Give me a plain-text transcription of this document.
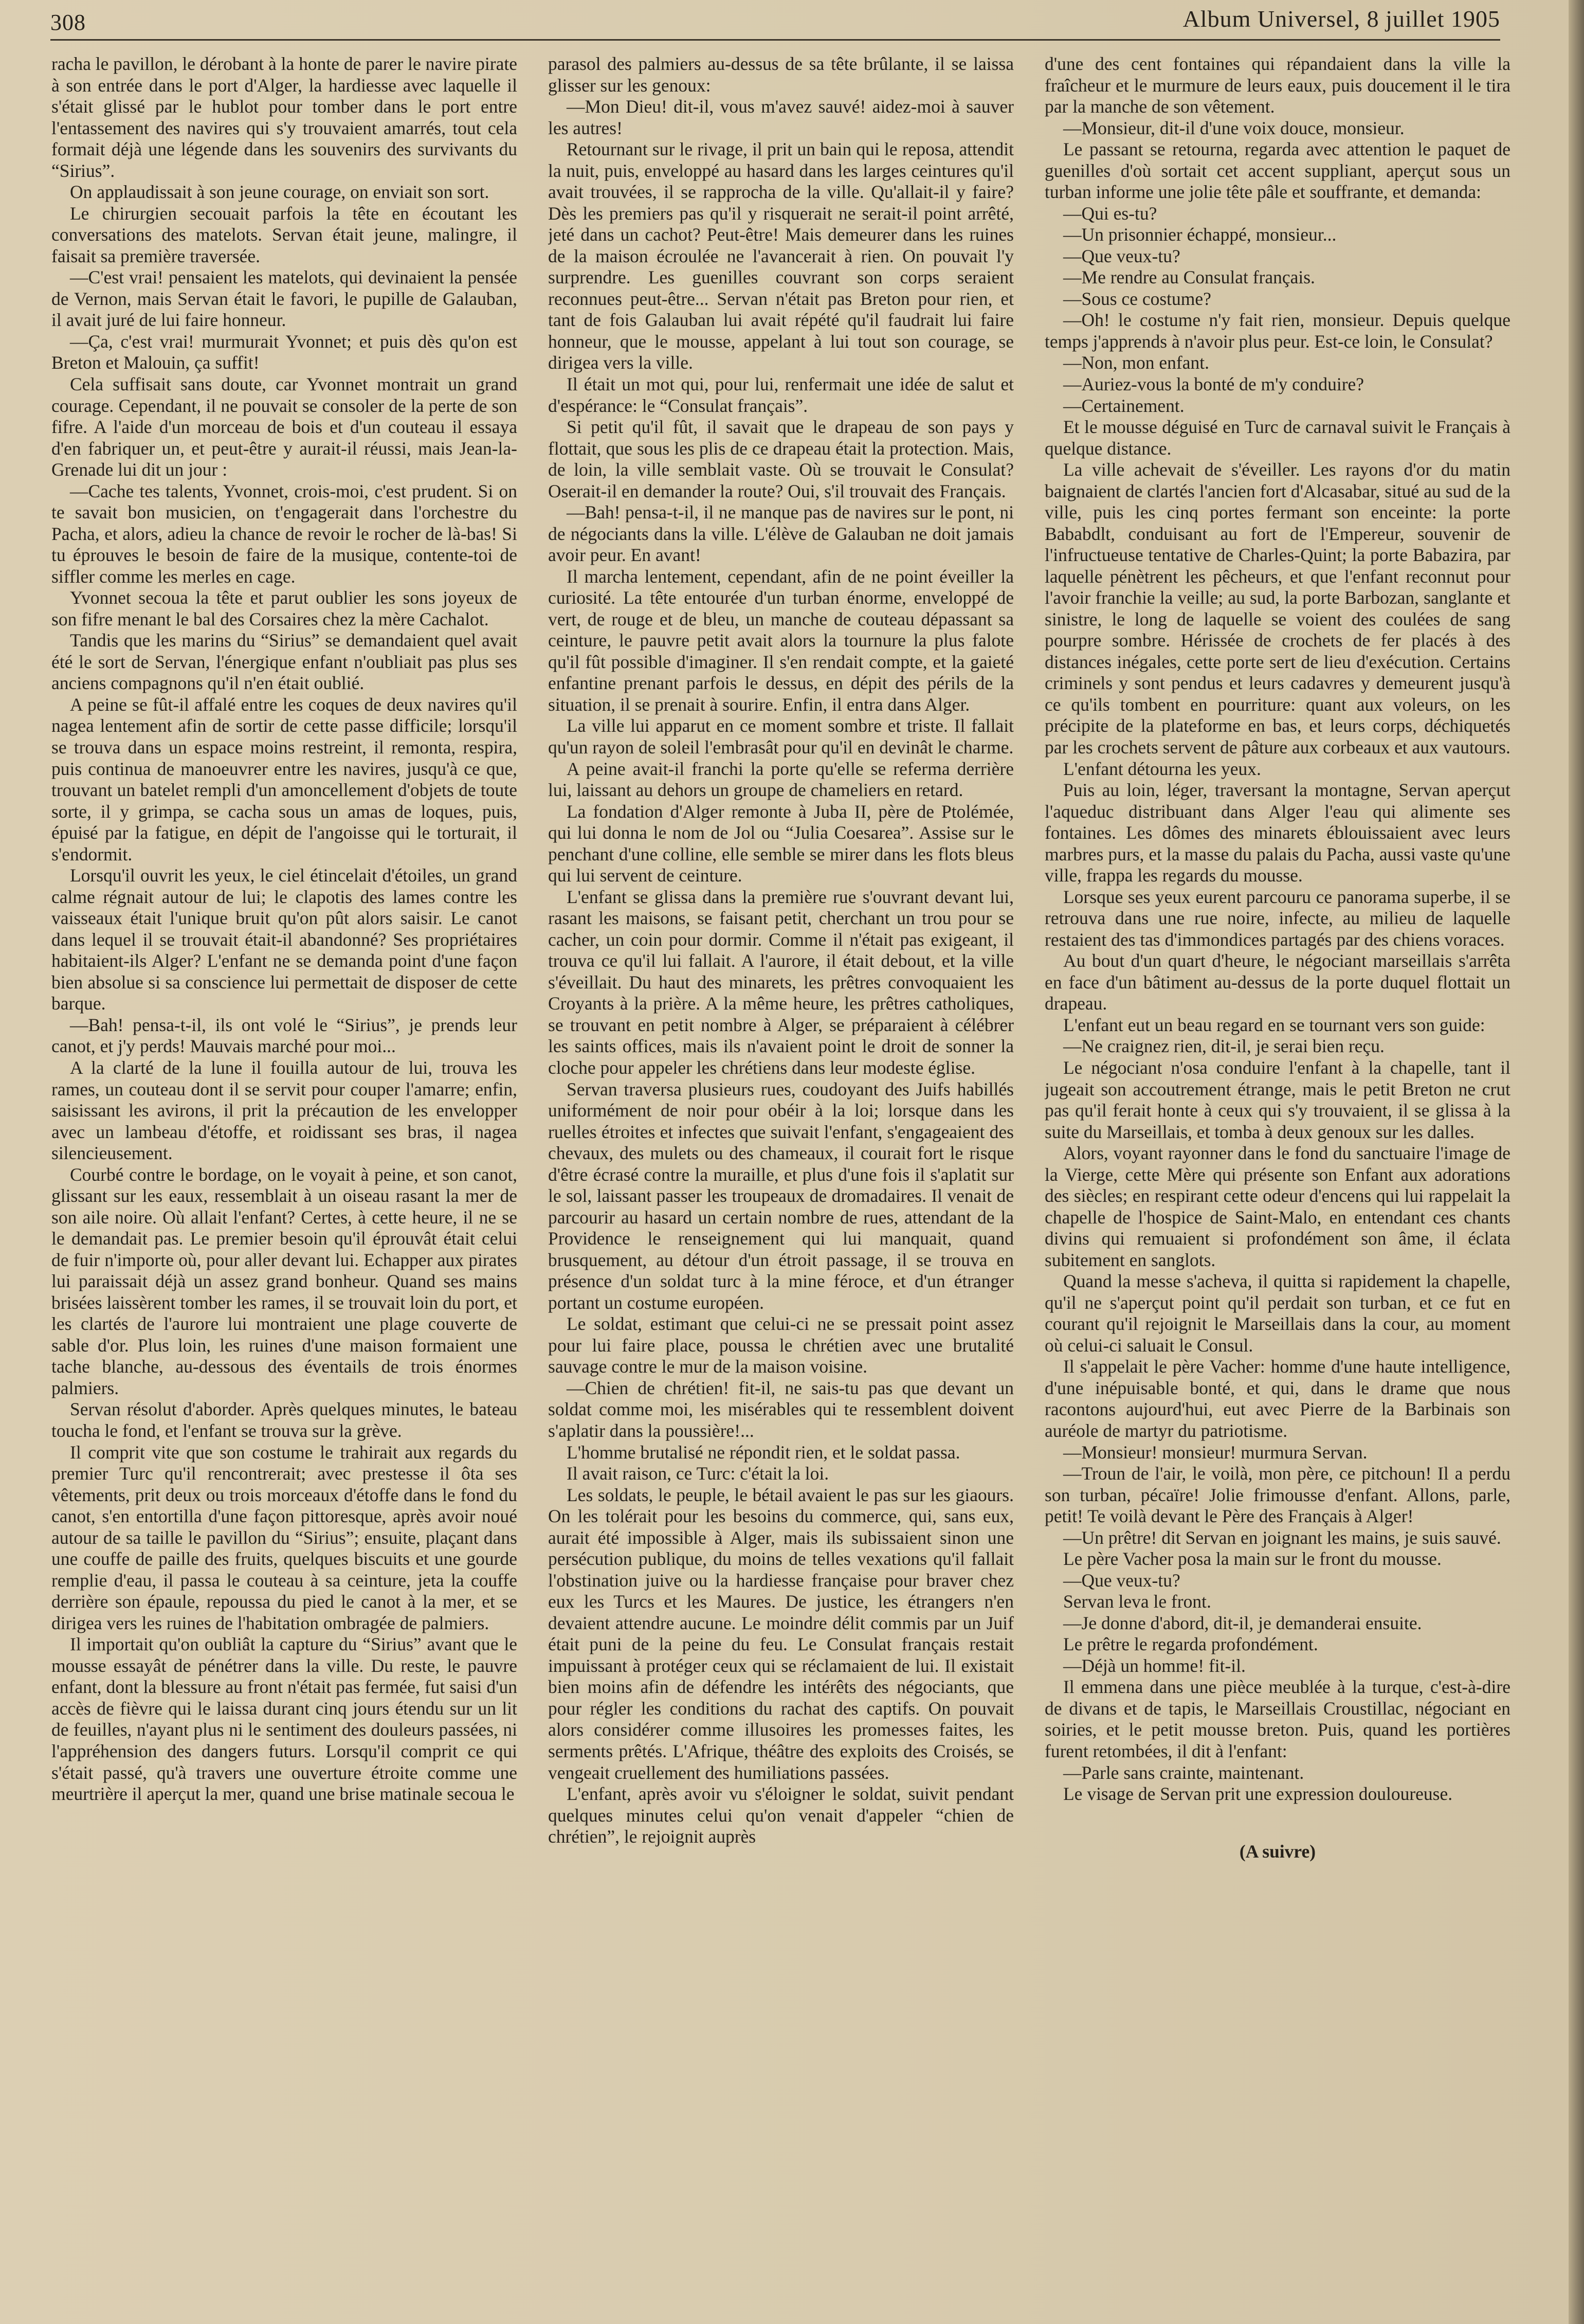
308	Album Universel, 8 juillet 1905

racha le pavillon, le dérobant à la honte de parer le navire pirate à son entrée dans le port d'Alger, la hardiesse avec laquelle il s'était glissé par le hublot pour tomber dans le port entre l'entassement des navires qui s'y trouvaient amarrés, tout cela formait déjà une légende dans les souvenirs des survivants du “Sirius”.

On applaudissait à son jeune courage, on enviait son sort.

Le chirurgien secouait parfois la tête en écoutant les conversations des matelots. Servan était jeune, malingre, il faisait sa première traversée.

—C'est vrai! pensaient les matelots, qui devinaient la pensée de Vernon, mais Servan était le favori, le pupille de Galauban, il avait juré de lui faire honneur.

—Ça, c'est vrai! murmurait Yvonnet; et puis dès qu'on est Breton et Malouin, ça suffit!

Cela suffisait sans doute, car Yvonnet montrait un grand courage. Cependant, il ne pouvait se consoler de la perte de son fifre. A l'aide d'un morceau de bois et d'un couteau il essaya d'en fabriquer un, et peut-être y aurait-il réussi, mais Jean-la-Grenade lui dit un jour :

—Cache tes talents, Yvonnet, crois-moi, c'est prudent. Si on te savait bon musicien, on t'engagerait dans l'orchestre du Pacha, et alors, adieu la chance de revoir le rocher de là-bas! Si tu éprouves le besoin de faire de la musique, contente-toi de siffler comme les merles en cage.

Yvonnet secoua la tête et parut oublier les sons joyeux de son fifre menant le bal des Corsaires chez la mère Cachalot.

Tandis que les marins du “Sirius” se demandaient quel avait été le sort de Servan, l'énergique enfant n'oubliait pas plus ses anciens compagnons qu'il n'en était oublié.

A peine se fût-il affalé entre les coques de deux navires qu'il nagea lentement afin de sortir de cette passe difficile; lorsqu'il se trouva dans un espace moins restreint, il remonta, respira, puis continua de manoeuvrer entre les navires, jusqu'à ce que, trouvant un batelet rempli d'un amoncellement d'objets de toute sorte, il y grimpa, se cacha sous un amas de loques, puis, épuisé par la fatigue, en dépit de l'angoisse qui le torturait, il s'endormit.

Lorsqu'il ouvrit les yeux, le ciel étincelait d'étoiles, un grand calme régnait autour de lui; le clapotis des lames contre les vaisseaux était l'unique bruit qu'on pût alors saisir. Le canot dans lequel il se trouvait était-il abandonné? Ses propriétaires habitaient-ils Alger? L'enfant ne se demanda point d'une façon bien absolue si sa conscience lui permettait de disposer de cette barque.

—Bah! pensa-t-il, ils ont volé le “Sirius”, je prends leur canot, et j'y perds! Mauvais marché pour moi...

A la clarté de la lune il fouilla autour de lui, trouva les rames, un couteau dont il se servit pour couper l'amarre; enfin, saisissant les avirons, il prit la précaution de les envelopper avec un lambeau d'étoffe, et roidissant ses bras, il nagea silencieusement.

Courbé contre le bordage, on le voyait à peine, et son canot, glissant sur les eaux, ressemblait à un oiseau rasant la mer de son aile noire. Où allait l'enfant? Certes, à cette heure, il ne se le demandait pas. Le premier besoin qu'il éprouvât était celui de fuir n'importe où, pour aller devant lui. Echapper aux pirates lui paraissait déjà un assez grand bonheur. Quand ses mains brisées laissèrent tomber les rames, il se trouvait loin du port, et les clartés de l'aurore lui montraient une plage couverte de sable d'or. Plus loin, les ruines d'une maison formaient une tache blanche, au-dessous des éventails de trois énormes palmiers.

Servan résolut d'aborder. Après quelques minutes, le bateau toucha le fond, et l'enfant se trouva sur la grève.

Il comprit vite que son costume le trahirait aux regards du premier Turc qu'il rencontrerait; avec prestesse il ôta ses vêtements, prit deux ou trois morceaux d'étoffe dans le fond du canot, s'en entortilla d'une façon pittoresque, après avoir noué autour de sa taille le pavillon du “Sirius”; ensuite, plaçant dans une couffe de paille des fruits, quelques biscuits et une gourde remplie d'eau, il passa le couteau à sa ceinture, jeta la couffe derrière son épaule, repoussa du pied le canot à la mer, et se dirigea vers les ruines de l'habitation ombragée de palmiers.

Il importait qu'on oubliât la capture du “Sirius” avant que le mousse essayât de pénétrer dans la ville. Du reste, le pauvre enfant, dont la blessure au front n'était pas fermée, fut saisi d'un accès de fièvre qui le laissa durant cinq jours étendu sur un lit de feuilles, n'ayant plus ni le sentiment des douleurs passées, ni l'appréhension des dangers futurs. Lorsqu'il comprit ce qui s'était passé, qu'à travers une ouverture étroite comme une meurtrière il aperçut la mer, quand une brise matinale secoua le

parasol des palmiers au-dessus de sa tête brûlante, il se laissa glisser sur les genoux:

—Mon Dieu! dit-il, vous m'avez sauvé! aidez-moi à sauver les autres!

Retournant sur le rivage, il prit un bain qui le reposa, attendit la nuit, puis, enveloppé au hasard dans les larges ceintures qu'il avait trouvées, il se rapprocha de la ville. Qu'allait-il y faire? Dès les premiers pas qu'il y risquerait ne serait-il point arrêté, jeté dans un cachot? Peut-être! Mais demeurer dans les ruines de la maison écroulée ne l'avancerait à rien. On pouvait l'y surprendre. Les guenilles couvrant son corps seraient reconnues peut-être... Servan n'était pas Breton pour rien, et tant de fois Galauban lui avait répété qu'il faudrait lui faire honneur, que le mousse, appelant à lui tout son courage, se dirigea vers la ville.

Il était un mot qui, pour lui, renfermait une idée de salut et d'espérance: le “Consulat français”.

Si petit qu'il fût, il savait que le drapeau de son pays y flottait, que sous les plis de ce drapeau était la protection. Mais, de loin, la ville semblait vaste. Où se trouvait le Consulat? Oserait-il en demander la route? Oui, s'il trouvait des Français.

—Bah! pensa-t-il, il ne manque pas de navires sur le pont, ni de négociants dans la ville. L'élève de Galauban ne doit jamais avoir peur. En avant!

Il marcha lentement, cependant, afin de ne point éveiller la curiosité. La tête entourée d'un turban énorme, enveloppé de vert, de rouge et de bleu, un manche de couteau dépassant sa ceinture, le pauvre petit avait alors la tournure la plus falote qu'il fût possible d'imaginer. Il s'en rendait compte, et la gaieté enfantine prenant parfois le dessus, en dépit des périls de la situation, il se prenait à sourire. Enfin, il entra dans Alger.

La ville lui apparut en ce moment sombre et triste. Il fallait qu'un rayon de soleil l'embrasât pour qu'il en devinât le charme.

A peine avait-il franchi la porte qu'elle se referma derrière lui, laissant au dehors un groupe de chameliers en retard.

La fondation d'Alger remonte à Juba II, père de Ptolémée, qui lui donna le nom de Jol ou “Julia Coesarea”. Assise sur le penchant d'une colline, elle semble se mirer dans les flots bleus qui lui servent de ceinture.

L'enfant se glissa dans la première rue s'ouvrant devant lui, rasant les maisons, se faisant petit, cherchant un trou pour se cacher, un coin pour dormir. Comme il n'était pas exigeant, il trouva ce qu'il lui fallait. A l'aurore, il était debout, et la ville s'éveillait. Du haut des minarets, les prêtres convoquaient les Croyants à la prière. A la même heure, les prêtres catholiques, se trouvant en petit nombre à Alger, se préparaient à célébrer les saints offices, mais ils n'avaient point le droit de sonner la cloche pour appeler les chrétiens dans leur modeste église.

Servan traversa plusieurs rues, coudoyant des Juifs habillés uniformément de noir pour obéir à la loi; lorsque dans les ruelles étroites et infectes que suivait l'enfant, s'engageaient des chevaux, des mulets ou des chameaux, il courait fort le risque d'être écrasé contre la muraille, et plus d'une fois il s'aplatit sur le sol, laissant passer les troupeaux de dromadaires. Il venait de parcourir au hasard un certain nombre de rues, attendant de la Providence le renseignement qui lui manquait, quand brusquement, au détour d'un étroit passage, il se trouva en présence d'un soldat turc à la mine féroce, et d'un étranger portant un costume européen.

Le soldat, estimant que celui-ci ne se pressait point assez pour lui faire place, poussa le chrétien avec une brutalité sauvage contre le mur de la maison voisine.

—Chien de chrétien! fit-il, ne sais-tu pas que devant un soldat comme moi, les misérables qui te ressemblent doivent s'aplatir dans la poussière!...

L'homme brutalisé ne répondit rien, et le soldat passa.

Il avait raison, ce Turc: c'était la loi.

Les soldats, le peuple, le bétail avaient le pas sur les giaours. On les tolérait pour les besoins du commerce, qui, sans eux, aurait été impossible à Alger, mais ils subissaient sinon une persécution publique, du moins de telles vexations qu'il fallait l'obstination juive ou la hardiesse française pour braver chez eux les Turcs et les Maures. De justice, les étrangers n'en devaient attendre aucune. Le moindre délit commis par un Juif était puni de la peine du feu. Le Consulat français restait impuissant à protéger ceux qui se réclamaient de lui. Il existait bien moins afin de défendre les intérêts des négociants, que pour régler les conditions du rachat des captifs. On pouvait alors considérer comme illusoires les promesses faites, les serments prêtés. L'Afrique, théâtre des exploits des Croisés, se vengeait cruellement des humiliations passées.

L'enfant, après avoir vu s'éloigner le soldat, suivit pendant quelques minutes celui qu'on venait d'appeler “chien de chrétien”, le rejoignit auprès

d'une des cent fontaines qui répandaient dans la ville la fraîcheur et le murmure de leurs eaux, puis doucement il le tira par la manche de son vêtement.

—Monsieur, dit-il d'une voix douce, monsieur.

Le passant se retourna, regarda avec attention le paquet de guenilles d'où sortait cet accent suppliant, aperçut sous un turban informe une jolie tête pâle et souffrante, et demanda:

—Qui es-tu?

—Un prisonnier échappé, monsieur...

—Que veux-tu?

—Me rendre au Consulat français.

—Sous ce costume?

—Oh! le costume n'y fait rien, monsieur. Depuis quelque temps j'apprends à n'avoir plus peur. Est-ce loin, le Consulat?

—Non, mon enfant.

—Auriez-vous la bonté de m'y conduire?

—Certainement.

Et le mousse déguisé en Turc de carnaval suivit le Français à quelque distance.

La ville achevait de s'éveiller. Les rayons d'or du matin baignaient de clartés l'ancien fort d'Alcasabar, situé au sud de la ville, puis les cinq portes fermant son enceinte: la porte Bababdlt, conduisant au fort de l'Empereur, souvenir de l'infructueuse tentative de Charles-Quint; la porte Babazira, par laquelle pénètrent les pêcheurs, et que l'enfant reconnut pour l'avoir franchie la veille; au sud, la porte Barbozan, sanglante et sinistre, le long de laquelle se voient des coulées de sang pourpre sombre. Hérissée de crochets de fer placés à des distances inégales, cette porte sert de lieu d'exécution. Certains criminels y sont pendus et leurs cadavres y demeurent jusqu'à ce qu'ils tombent en pourriture: quant aux voleurs, on les précipite de la plateforme en bas, et leurs corps, déchiquetés par les crochets servent de pâture aux corbeaux et aux vautours.

L'enfant détourna les yeux.

Puis au loin, léger, traversant la montagne, Servan aperçut l'aqueduc distribuant dans Alger l'eau qui alimente ses fontaines. Les dômes des minarets éblouissaient avec leurs marbres purs, et la masse du palais du Pacha, aussi vaste qu'une ville, frappa les regards du mousse.

Lorsque ses yeux eurent parcouru ce panorama superbe, il se retrouva dans une rue noire, infecte, au milieu de laquelle restaient des tas d'immondices partagés par des chiens voraces.

Au bout d'un quart d'heure, le négociant marseillais s'arrêta en face d'un bâtiment au-dessus de la porte duquel flottait un drapeau.

L'enfant eut un beau regard en se tournant vers son guide:

—Ne craignez rien, dit-il, je serai bien reçu.

Le négociant n'osa conduire l'enfant à la chapelle, tant il jugeait son accoutrement étrange, mais le petit Breton ne crut pas qu'il ferait honte à ceux qui s'y trouvaient, il se glissa à la suite du Marseillais, et tomba à deux genoux sur les dalles.

Alors, voyant rayonner dans le fond du sanctuaire l'image de la Vierge, cette Mère qui présente son Enfant aux adorations des siècles; en respirant cette odeur d'encens qui lui rappelait la chapelle de l'hospice de Saint-Malo, en entendant ces chants divins qui remuaient si profondément son âme, il éclata subitement en sanglots.

Quand la messe s'acheva, il quitta si rapidement la chapelle, qu'il ne s'aperçut point qu'il perdait son turban, et ce fut en courant qu'il rejoignit le Marseillais dans la cour, au moment où celui-ci saluait le Consul.

Il s'appelait le père Vacher: homme d'une haute intelligence, d'une inépuisable bonté, et qui, dans le drame que nous racontons aujourd'hui, eut avec Pierre de la Barbinais son auréole de martyr du patriotisme.

—Monsieur! monsieur! murmura Servan.

—Troun de l'air, le voilà, mon père, ce pitchoun! Il a perdu son turban, pécaïre! Jolie frimousse d'enfant. Allons, parle, petit! Te voilà devant le Père des Français à Alger!

—Un prêtre! dit Servan en joignant les mains, je suis sauvé.

Le père Vacher posa la main sur le front du mousse.

—Que veux-tu?

Servan leva le front.

—Je donne d'abord, dit-il, je demanderai ensuite.

Le prêtre le regarda profondément.

—Déjà un homme! fit-il.

Il emmena dans une pièce meublée à la turque, c'est-à-dire de divans et de tapis, le Marseillais Croustillac, négociant en soiries, et le petit mousse breton. Puis, quand les portières furent retombées, il dit à l'enfant:

—Parle sans crainte, maintenant.

Le visage de Servan prit une expression douloureuse.

(A suivre)
